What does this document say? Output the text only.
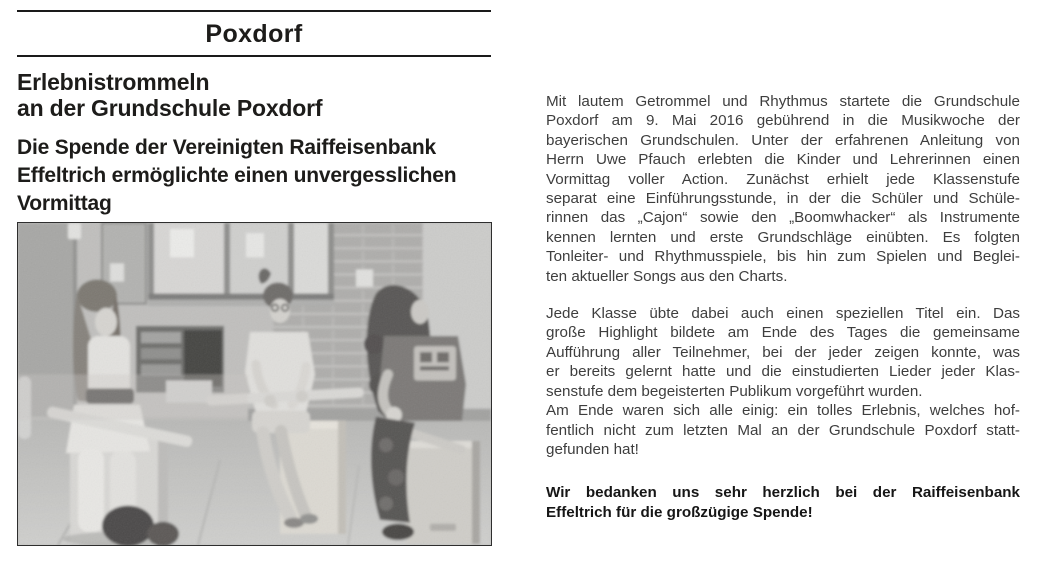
Poxdorf
Erlebnistrommeln
an der Grundschule Poxdorf
Die Spende der Vereinigten Raiffeisenbank
Effeltrich ermöglichte einen unvergesslichen
Vormittag
Mit lautem Getrommel und Rhythmus startete die Grundschule
Poxdorf am 9. Mai 2016 gebührend in die Musikwoche der
bayerischen Grundschulen. Unter der erfahrenen Anleitung von
Herrn Uwe Pfauch erlebten die Kinder und Lehrerinnen einen
Vormittag voller Action. Zunächst erhielt jede Klassenstufe
separat eine Einführungsstunde, in der die Schüler und Schüle-
rinnen das „Cajon“ sowie den „Boomwhacker“ als Instrumente
kennen lernten und erste Grundschläge einübten. Es folgten
Tonleiter- und Rhythmusspiele, bis hin zum Spielen und Beglei-
ten aktueller Songs aus den Charts.
Jede Klasse übte dabei auch einen speziellen Titel ein. Das
große Highlight bildete am Ende des Tages die gemeinsame
Aufführung aller Teilnehmer, bei der jeder zeigen konnte, was
er bereits gelernt hatte und die einstudierten Lieder jeder Klas-
senstufe dem begeisterten Publikum vorgeführt wurden.
Am Ende waren sich alle einig: ein tolles Erlebnis, welches hof-
fentlich nicht zum letzten Mal an der Grundschule Poxdorf statt-
gefunden hat!
Wir bedanken uns sehr herzlich bei der Raiffeisenbank
Effeltrich für die großzügige Spende!
